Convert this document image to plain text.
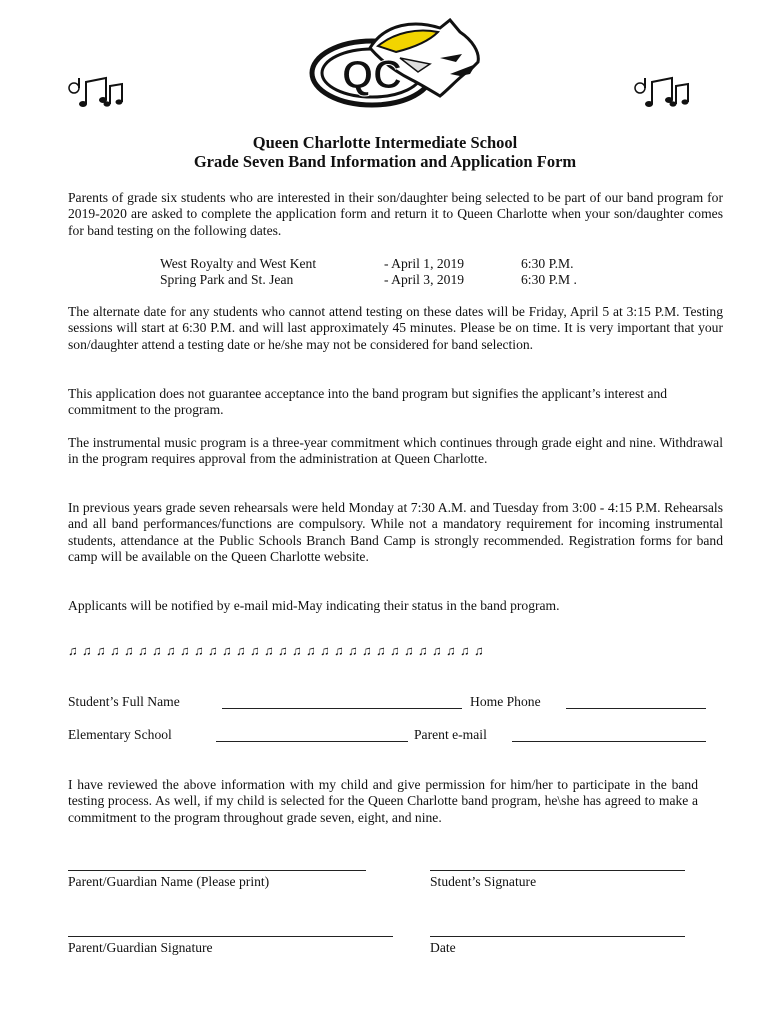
QC
Queen Charlotte Intermediate School
Grade Seven Band Information and Application Form

Parents of grade six students who are interested in their son/daughter being selected to be part of our band program for 2019-2020 are asked to complete the application form and return it to Queen Charlotte when your son/daughter comes for band testing on the following dates.

West Royalty and West Kent	- April 1, 2019	6:30 P.M.
Spring Park and St. Jean	- April 3, 2019	6:30 P.M .

The alternate date for any students who cannot attend testing on these dates will be Friday, April 5 at 3:15 P.M. Testing sessions will start at 6:30 P.M. and will last approximately 45 minutes. Please be on time. It is very important that your son/daughter attend a testing date or he/she may not be considered for band selection.

This application does not guarantee acceptance into the band program but signifies the applicant’s interest and commitment to the program.

The instrumental music program is a three-year commitment which continues through grade eight and nine. Withdrawal in the program requires approval from the administration at Queen Charlotte.

In previous years grade seven rehearsals were held Monday at 7:30 A.M. and Tuesday from 3:00 - 4:15 P.M. Rehearsals and all band performances/functions are compulsory. While not a mandatory requirement for incoming instrumental students, attendance at the Public Schools Branch Band Camp is strongly recommended. Registration forms for band camp will be available on the Queen Charlotte website.

Applicants will be notified by e-mail mid-May indicating their status in the band program.

♫ ♫ ♫ ♫ ♫ ♫ ♫ ♫ ♫ ♫ ♫ ♫ ♫ ♫ ♫ ♫ ♫ ♫ ♫ ♫ ♫ ♫ ♫ ♫ ♫ ♫ ♫ ♫ ♫ ♫
Student’s Full Name	Home Phone
Elementary School	Parent e-mail

I have reviewed the above information with my child and give permission for him/her to participate in the band testing process. As well, if my child is selected for the Queen Charlotte band program, he\she has agreed to make a commitment to the program throughout grade seven, eight, and nine.

Parent/Guardian Name (Please print)	Student’s Signature
Parent/Guardian Signature	Date
